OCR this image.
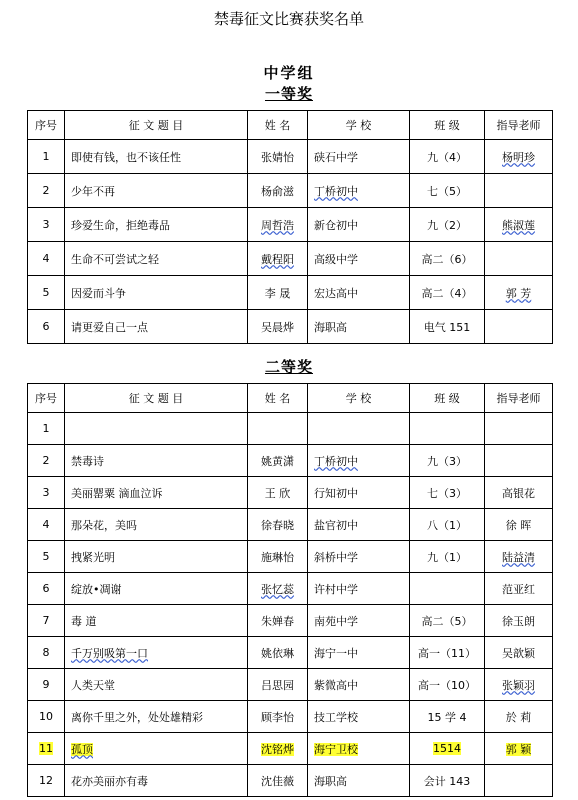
禁毒征文比赛获奖名单
中学组
一等奖
序号	征 文 题 目	姓 名	学 校	班 级	指导老师
1	即使有钱，也不该任性	张婧怡	硖石中学	九（4）	杨明珍
2	少年不再	杨俞滋	丁桥初中	七（5）	
3	珍爱生命，拒绝毒品	周哲浩	新仓初中	九（2）	熊淑莲
4	生命不可尝试之轻	戴程阳	高级中学	高二（6）	
5	因爱而斗争	李 晟	宏达高中	高二（4）	郭 芳
6	请更爱自己一点	吴晨烨	海职高	电气 151	
二等奖
序号	征 文 题 目	姓 名	学 校	班 级	指导老师
1					
2	禁毒诗	姚黄潇	丁桥初中	九（3）	
3	美丽罂粟 滴血泣诉	王 欣	行知初中	七（3）	高银花
4	那朵花，美吗	徐春晓	盐官初中	八（1）	徐 晖
5	拽紧光明	施琳怡	斜桥中学	九（1）	陆益清
6	绽放•凋谢	张忆蕊	许村中学		范亚红
7	毒 道	朱婵春	南苑中学	高二（5）	徐玉朗
8	千万别吸第一口	姚依琳	海宁一中	高一（11）	吴歆颖
9	人类天堂	吕思园	紫微高中	高一（10）	张颖羽
10	离你千里之外，处处雄精彩	顾李怡	技工学校	15 学 4	於 莉
11	孤顶	沈铭烨	海宁卫校	1514	郭 颖
12	花亦美丽亦有毒	沈佳薇	海职高	会计 143	
